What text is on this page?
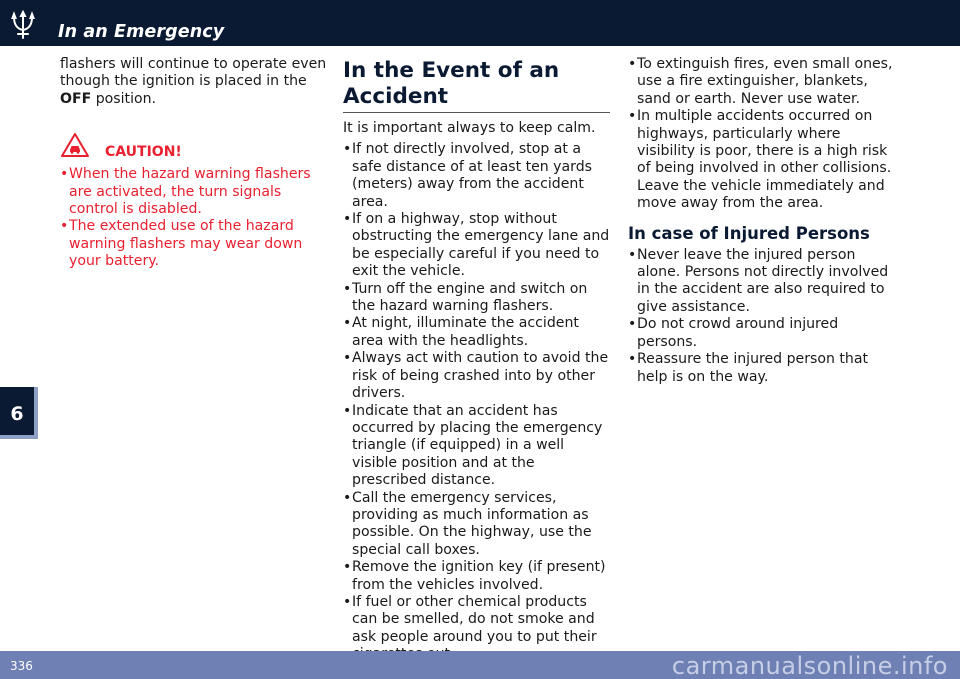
In an Emergency

flashers will continue to operate even though the ignition is placed in the OFF position.

CAUTION!
• When the hazard warning flashers are activated, the turn signals control is disabled.
• The extended use of the hazard warning flashers may wear down your battery.
In the Event of an Accident

It is important always to keep calm.

• If not directly involved, stop at a safe distance of at least ten yards (meters) away from the accident area.
• If on a highway, stop without obstructing the emergency lane and be especially careful if you need to exit the vehicle.
• Turn off the engine and switch on the hazard warning flashers.
• At night, illuminate the accident area with the headlights.
• Always act with caution to avoid the risk of being crashed into by other drivers.
• Indicate that an accident has occurred by placing the emergency triangle (if equipped) in a well visible position and at the prescribed distance.
• Call the emergency services, providing as much information as possible. On the highway, use the special call boxes.
• Remove the ignition key (if present) from the vehicles involved.
• If fuel or other chemical products can be smelled, do not smoke and ask people around you to put their
• To extinguish fires, even small ones, use a fire extinguisher, blankets, sand or earth. Never use water.
• In multiple accidents occurred on highways, particularly where visibility is poor, there is a high risk of being involved in other collisions. Leave the vehicle immediately and move away from the area.
In case of Injured Persons
• Never leave the injured person alone. Persons not directly involved in the accident are also required to give assistance.
• Do not crowd around injured persons.
• Reassure the injured person that help is on the way.
6
336	carmanualsonline.info
